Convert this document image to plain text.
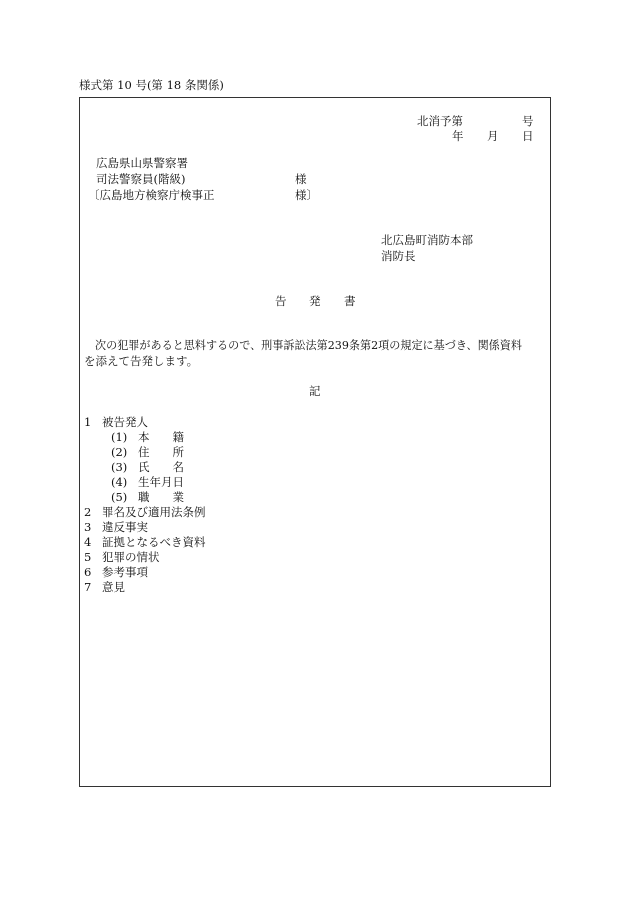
様式第 10 号(第 18 条関係)
北消予第	号
年 月 日
広島県山県警察署
司法警察員(階級)	様
〔広島地方検察庁検事正	様〕
北広島町消防本部
消防長
告 発 書
次の犯罪があると思料するので、刑事訴訟法第239条第2項の規定に基づき、関係資料
を添えて告発します。
記
1 被告発人
(1) 本　　籍
(2) 住　　所
(3) 氏　　名
(4) 生年月日
(5) 職　　業
2 罪名及び適用法条例
3 違反事実
4 証拠となるべき資料
5 犯罪の情状
6 参考事項
7 意見
